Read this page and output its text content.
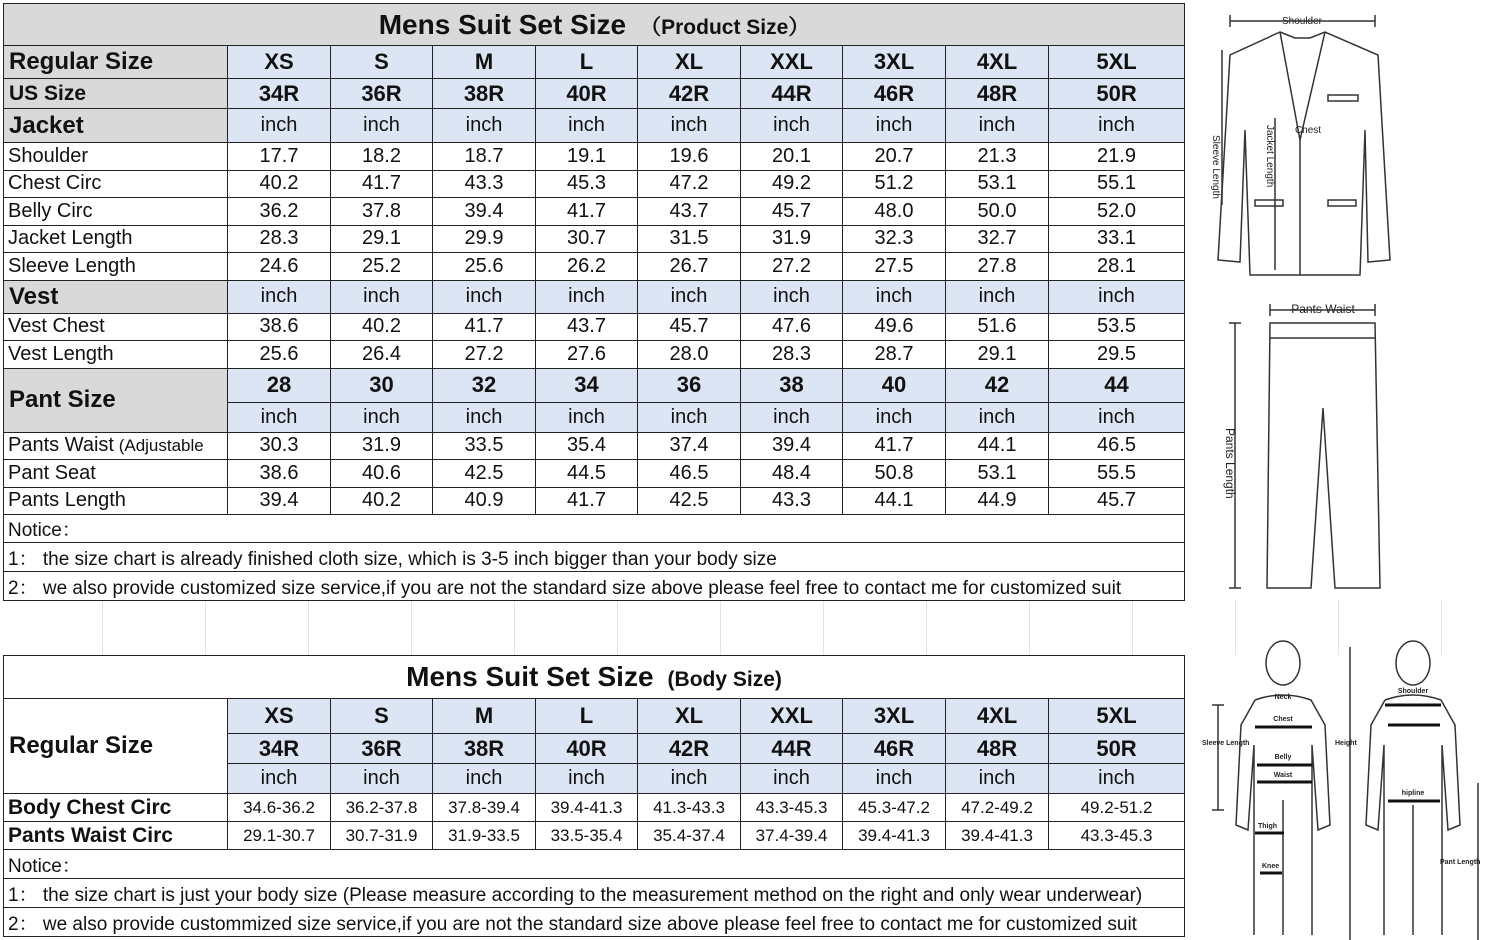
Mens Suit Set Size （Product Size）									
Regular Size	XS	S	M	L	XL	XXL	3XL	4XL	5XL
US Size	34R	36R	38R	40R	42R	44R	46R	48R	50R
Jacket	inch	inch	inch	inch	inch	inch	inch	inch	inch
Shoulder	17.7	18.2	18.7	19.1	19.6	20.1	20.7	21.3	21.9
Chest Circ	40.2	41.7	43.3	45.3	47.2	49.2	51.2	53.1	55.1
Belly Circ	36.2	37.8	39.4	41.7	43.7	45.7	48.0	50.0	52.0
Jacket Length	28.3	29.1	29.9	30.7	31.5	31.9	32.3	32.7	33.1
Sleeve Length	24.6	25.2	25.6	26.2	26.7	27.2	27.5	27.8	28.1
Vest	inch	inch	inch	inch	inch	inch	inch	inch	inch
Vest Chest	38.6	40.2	41.7	43.7	45.7	47.6	49.6	51.6	53.5
Vest Length	25.6	26.4	27.2	27.6	28.0	28.3	28.7	29.1	29.5
Pant Size	28	30	32	34	36	38	40	42	44
	inch	inch	inch	inch	inch	inch	inch	inch	inch
Pants Waist (Adjustable	30.3	31.9	33.5	35.4	37.4	39.4	41.7	44.1	46.5
Pant Seat	38.6	40.6	42.5	44.5	46.5	48.4	50.8	53.1	55.5
Pants Length	39.4	40.2	40.9	41.7	42.5	43.3	44.1	44.9	45.7
Notice：									
1： the size chart is already finished cloth size, which is 3-5 inch bigger than your body size									
2： we also provide customized size service,if you are not the standard size above please feel free to contact me for customized suit									
Mens Suit Set Size (Body Size)									
Regular Size	XS	S	M	L	XL	XXL	3XL	4XL	5XL
	34R	36R	38R	40R	42R	44R	46R	48R	50R
	inch	inch	inch	inch	inch	inch	inch	inch	inch
Body Chest Circ	34.6-36.2	36.2-37.8	37.8-39.4	39.4-41.3	41.3-43.3	43.3-45.3	45.3-47.2	47.2-49.2	49.2-51.2
Pants Waist Circ	29.1-30.7	30.7-31.9	31.9-33.5	33.5-35.4	35.4-37.4	37.4-39.4	39.4-41.3	39.4-41.3	43.3-45.3
Notice：									
1： the size chart is just your body size (Please measure according to the measurement method on the right and only wear underwear)									
2： we also provide custommized size service,if you are not the standard size above please feel free to contact me for customized suit									
Shoulder
Chest
Jacket Length
Sleeve Length
Pants Waist
Pants Length
Neck
Chest
Sleeve Length
Belly
Waist
Thigh
Knee
Height
Shoulder
hipline
Pant Length
